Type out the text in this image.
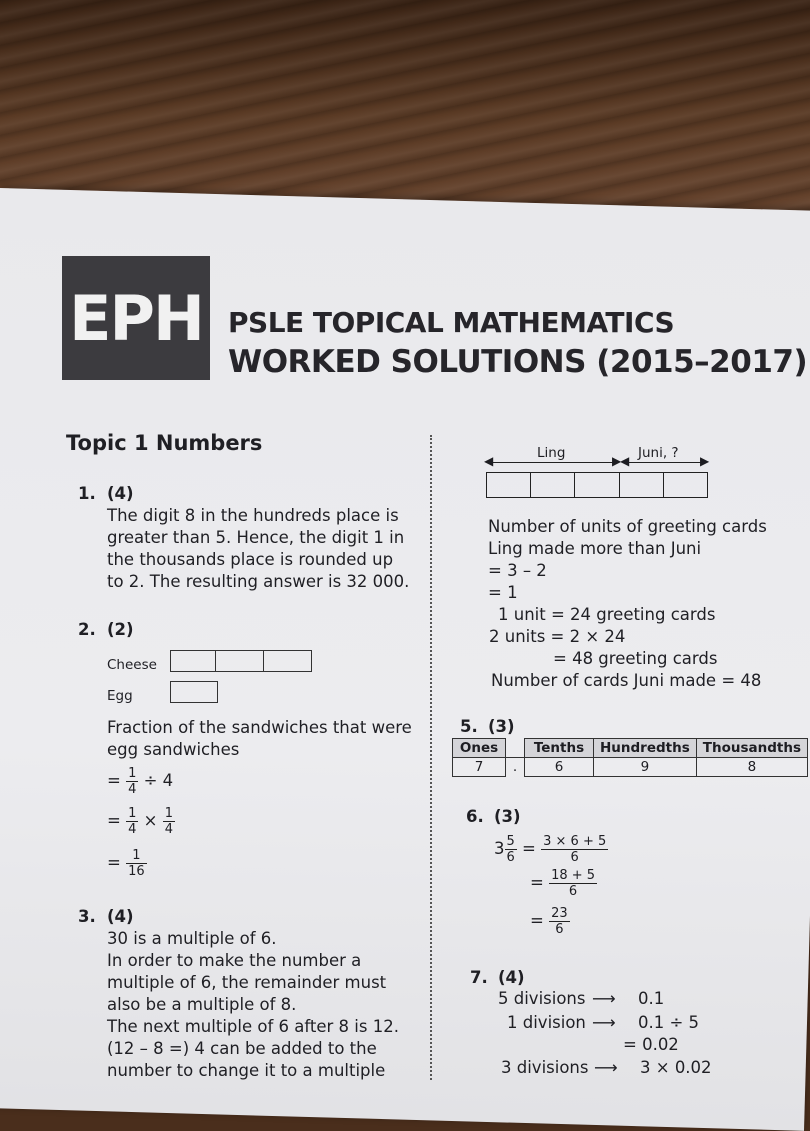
EPH PSLE TOPICAL MATHEMATICS
WORKED SOLUTIONS (2015–2017)
Topic 1 Numbers
1. (4)
The digit 8 in the hundreds place is
greater than 5. Hence, the digit 1 in
the thousands place is rounded up
to 2. The resulting answer is 32 000.
2. (2)
Cheese
Egg
Fraction of the sandwiches that were
egg sandwiches
= $\frac{1}{4} \div 4$
= $\frac{1}{4} \times \frac{1}{4}$
= $\frac{1}{16}$
3. (4)
30 is a multiple of 6.
In order to make the number a
multiple of 6, the remainder must
also be a multiple of 8.
The next multiple of 6 after 8 is 12.
(12 – 8 =) 4 can be added to the
number to change it to a multiple
Ling	Juni, ?
◀	▶
◀	▶
Number of units of greeting cards
Ling made more than Juni
= 3 – 2
= 1
1 unit = 24 greeting cards
2 units = 2 × 24
= 48 greeting cards
Number of cards Juni made = 48
5. (3)
Ones		Tenths	Hundredths	Thousandths
7	.	6	9	8
6. (3)
$3 \frac{5}{6} = \frac{3 \times 6 + 5}{6}$
= $\frac{18 + 5}{6}$
= $\frac{23}{6}$
7. (4)
5 divisions ⟶ 0.1
1 division ⟶ 0.1 ÷ 5
= 0.02
3 divisions ⟶ 3 × 0.02
